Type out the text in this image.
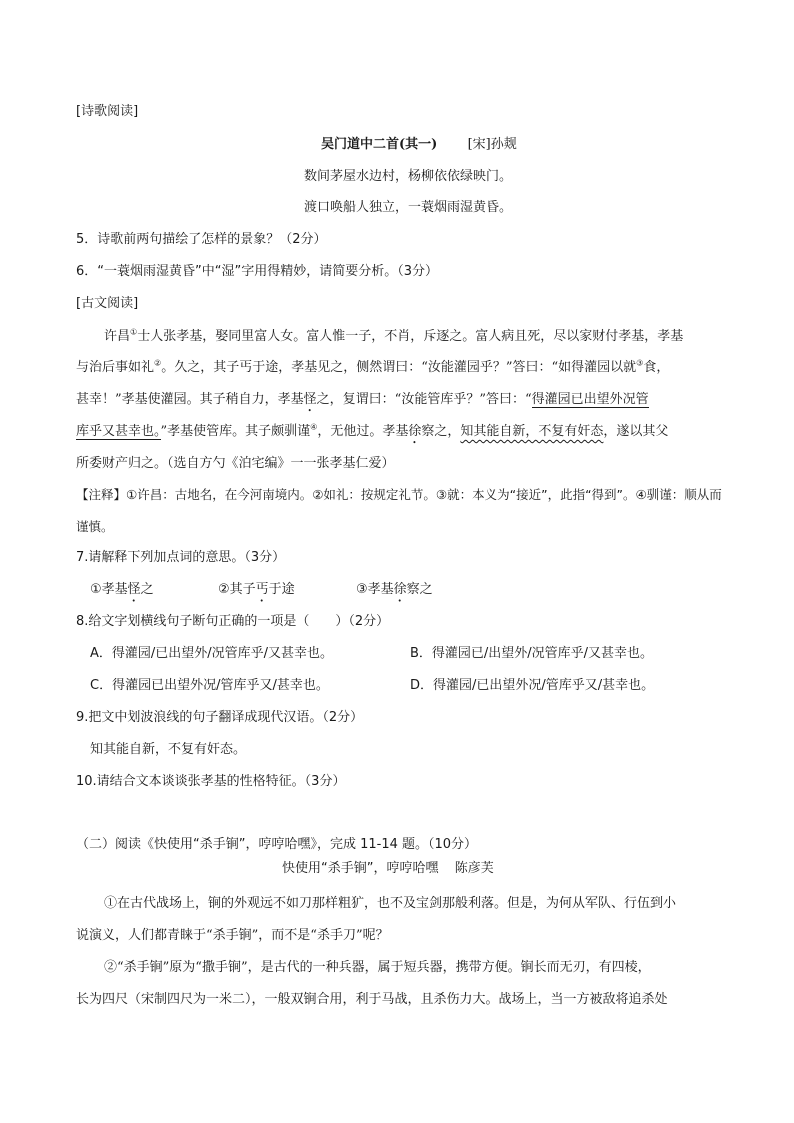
[诗歌阅读]
吴门道中二首(其一) [宋]孙觌
数间茅屋水边村，杨柳依依绿映门。
渡口唤船人独立，一蓑烟雨湿黄昏。
5．诗歌前两句描绘了怎样的景象？（2分）
6．“一蓑烟雨湿黄昏”中“湿”字用得精妙，请简要分析。（3分）
[古文阅读]
许昌①士人张孝基，娶同里富人女。富人惟一子，不肖，斥逐之。富人病且死，尽以家财付孝基，孝基
与治后事如礼②。久之，其子丐于途，孝基见之，侧然谓曰：“汝能灌园乎？”答曰：“如得灌园以就③食，
甚幸！”孝基使灌园。其子稍自力，孝基怪之，复谓曰：“汝能管库乎？”答曰：“得灌园已出望外况管
库乎又甚幸也。”孝基使管库。其子颇驯谨④，无他过。孝基徐察之，知其能自新，不复有奸态，遂以其父
所委财产归之。（选自方勺《泊宅编》一一张孝基仁爱）
【注释】①许昌：古地名，在今河南境内。②如礼：按规定礼节。③就：本义为“接近”，此指“得到”。④驯谨：顺从而
谨慎。
7.请解释下列加点词的意思。（3分）
①孝基怪之	②其子丐于途	③孝基徐察之
8.给文字划横线句子断句正确的一项是（　　）（2分）
A．得灌园/已出望外/况管库乎/又甚幸也。	B．得灌园已/出望外/况管库乎/又甚幸也。
C．得灌园已出望外况/管库乎又/甚幸也。	D．得灌园/已出望外况/管库乎又/甚幸也。
9.把文中划波浪线的句子翻译成现代汉语。（2分）
知其能自新，不复有奸态。
10.请结合文本谈谈张孝基的性格特征。（3分）
（二）阅读《快使用“杀手锏”，哼哼哈嘿》，完成 11-14 题。（10分）
快使用“杀手锏”，哼哼哈嘿 陈彦芙
①在古代战场上，锏的外观远不如刀那样粗犷，也不及宝剑那般利落。但是，为何从军队、行伍到小
说演义，人们都青睐于“杀手锏”，而不是“杀手刀”呢？
②“杀手锏”原为“撒手锏”，是古代的一种兵器，属于短兵器，携带方便。锏长而无刃，有四棱，
长为四尺（宋制四尺为一米二），一般双锏合用，利于马战，且杀伤力大。战场上，当一方被敌将追杀处
